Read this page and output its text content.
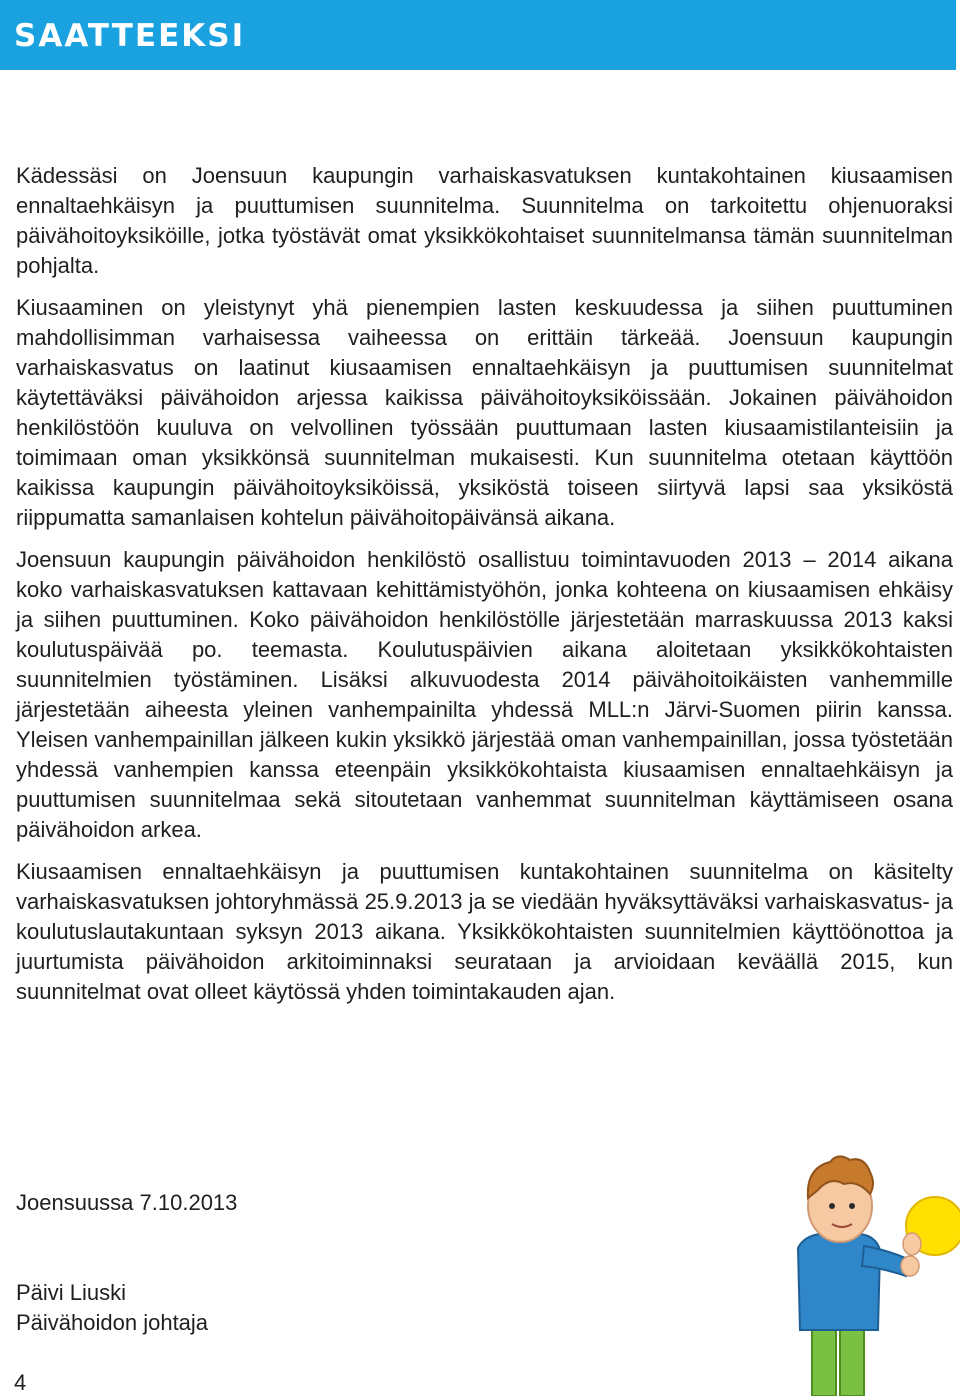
SAATTEEKSI

Kädessäsi on Joensuun kaupungin varhaiskasvatuksen kuntakohtainen kiusaamisen ennaltaehkäisyn ja puuttumisen suunnitelma. Suunnitelma on tarkoitettu ohjenuoraksi päivähoitoyksiköille, jotka työstävät omat yksikkökohtaiset suunnitelmansa tämän suunnitelman pohjalta.

Kiusaaminen on yleistynyt yhä pienempien lasten keskuudessa ja siihen puuttuminen mahdollisimman varhaisessa vaiheessa on erittäin tärkeää. Joensuun kaupungin varhaiskasvatus on laatinut kiusaamisen ennaltaehkäisyn ja puuttumisen suunnitelmat käytettäväksi päivähoidon arjessa kaikissa päivähoitoyksiköissään. Jokainen päivähoidon henkilöstöön kuuluva on velvollinen työssään puuttumaan lasten kiusaamistilanteisiin ja toimimaan oman yksikkönsä suunnitelman mukaisesti. Kun suunnitelma otetaan käyttöön kaikissa kaupungin päivähoitoyksiköissä, yksiköstä toiseen siirtyvä lapsi saa yksiköstä riippumatta samanlaisen kohtelun päivähoitopäivänsä aikana.

Joensuun kaupungin päivähoidon henkilöstö osallistuu toimintavuoden 2013 – 2014 aikana koko varhaiskasvatuksen kattavaan kehittämistyöhön, jonka kohteena on kiusaamisen ehkäisy ja siihen puuttuminen. Koko päivähoidon henkilöstölle järjestetään marraskuussa 2013 kaksi koulutuspäivää po. teemasta. Koulutuspäivien aikana aloitetaan yksikkökohtaisten suunnitelmien työstäminen. Lisäksi alkuvuodesta 2014 päivähoitoikäisten vanhemmille järjestetään aiheesta yleinen vanhempainilta yhdessä MLL:n Järvi-Suomen piirin kanssa. Yleisen vanhempainillan jälkeen kukin yksikkö järjestää oman vanhempainillan, jossa työstetään yhdessä vanhempien kanssa eteenpäin yksikkökohtaista kiusaamisen ennaltaehkäisyn ja puuttumisen suunnitelmaa sekä sitoutetaan vanhemmat suunnitelman käyttämiseen osana päivähoidon arkea.

Kiusaamisen ennaltaehkäisyn ja puuttumisen kuntakohtainen suunnitelma on käsitelty varhaiskasvatuksen johtoryhmässä 25.9.2013 ja se viedään hyväksyttäväksi varhaiskasvatus- ja koulutuslautakuntaan syksyn 2013 aikana. Yksikkökohtaisten suunnitelmien käyttöönottoa ja juurtumista päivähoidon arkitoiminnaksi seurataan ja arvioidaan keväällä 2015, kun suunnitelmat ovat olleet käytössä yhden toimintakauden ajan.

Joensuussa 7.10.2013
Päivi Liuski
Päivähoidon johtaja
4
